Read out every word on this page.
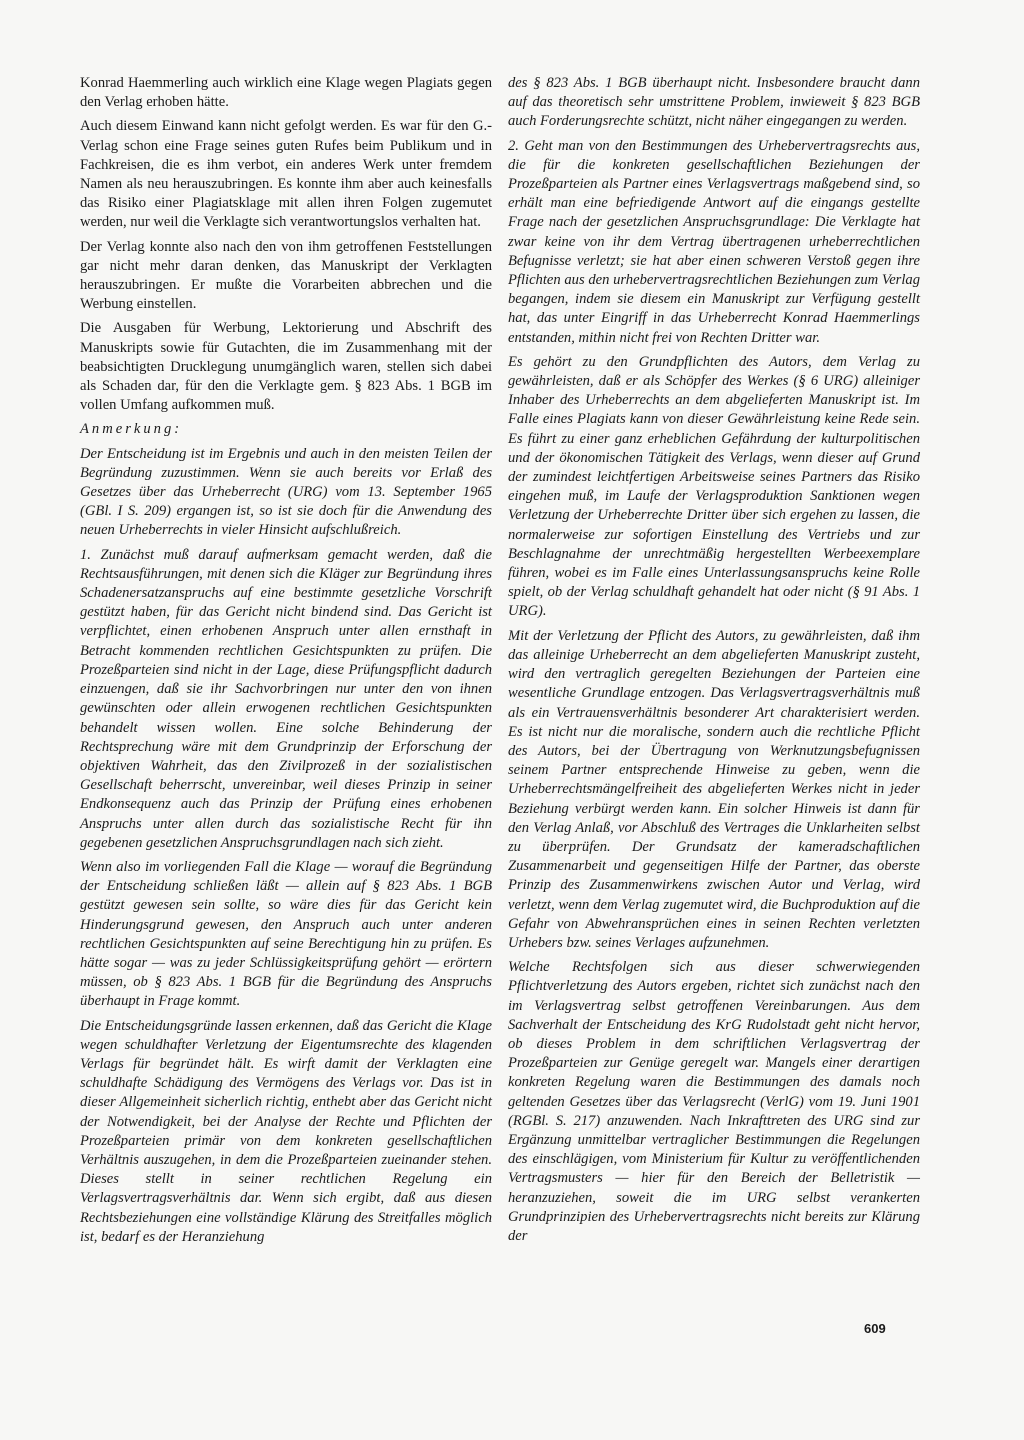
Konrad Haemmerling auch wirklich eine Klage wegen Plagiats gegen den Verlag erhoben hätte.

Auch diesem Einwand kann nicht gefolgt werden. Es war für den G.-Verlag schon eine Frage seines guten Rufes beim Publikum und in Fachkreisen, die es ihm verbot, ein anderes Werk unter fremdem Namen als neu herauszubringen. Es konnte ihm aber auch keinesfalls das Risiko einer Plagiatsklage mit allen ihren Folgen zugemutet werden, nur weil die Verklagte sich verantwortungslos verhalten hat.

Der Verlag konnte also nach den von ihm getroffenen Feststellungen gar nicht mehr daran denken, das Manuskript der Verklagten herauszubringen. Er mußte die Vorarbeiten abbrechen und die Werbung einstellen.

Die Ausgaben für Werbung, Lektorierung und Abschrift des Manuskripts sowie für Gutachten, die im Zusammenhang mit der beabsichtigten Drucklegung unumgänglich waren, stellen sich dabei als Schaden dar, für den die Verklagte gem. § 823 Abs. 1 BGB im vollen Umfang aufkommen muß.

Anmerkung:

Der Entscheidung ist im Ergebnis und auch in den meisten Teilen der Begründung zuzustimmen. Wenn sie auch bereits vor Erlaß des Gesetzes über das Urheberrecht (URG) vom 13. September 1965 (GBl. I S. 209) ergangen ist, so ist sie doch für die Anwendung des neuen Urheberrechts in vieler Hinsicht aufschlußreich.

1. Zunächst muß darauf aufmerksam gemacht werden, daß die Rechtsausführungen, mit denen sich die Kläger zur Begründung ihres Schadenersatzanspruchs auf eine bestimmte gesetzliche Vorschrift gestützt haben, für das Gericht nicht bindend sind. Das Gericht ist verpflichtet, einen erhobenen Anspruch unter allen ernsthaft in Betracht kommenden rechtlichen Gesichtspunkten zu prüfen. Die Prozeßparteien sind nicht in der Lage, diese Prüfungspflicht dadurch einzuengen, daß sie ihr Sachvorbringen nur unter den von ihnen gewünschten oder allein erwogenen rechtlichen Gesichtspunkten behandelt wissen wollen. Eine solche Behinderung der Rechtsprechung wäre mit dem Grundprinzip der Erforschung der objektiven Wahrheit, das den Zivilprozeß in der sozialistischen Gesellschaft beherrscht, unvereinbar, weil dieses Prinzip in seiner Endkonsequenz auch das Prinzip der Prüfung eines erhobenen Anspruchs unter allen durch das sozialistische Recht für ihn gegebenen gesetzlichen Anspruchsgrundlagen nach sich zieht.

Wenn also im vorliegenden Fall die Klage — worauf die Begründung der Entscheidung schließen läßt — allein auf § 823 Abs. 1 BGB gestützt gewesen sein sollte, so wäre dies für das Gericht kein Hinderungsgrund gewesen, den Anspruch auch unter anderen rechtlichen Gesichtspunkten auf seine Berechtigung hin zu prüfen. Es hätte sogar — was zu jeder Schlüssigkeitsprüfung gehört — erörtern müssen, ob § 823 Abs. 1 BGB für die Begründung des Anspruchs überhaupt in Frage kommt.

Die Entscheidungsgründe lassen erkennen, daß das Gericht die Klage wegen schuldhafter Verletzung der Eigentumsrechte des klagenden Verlags für begründet hält. Es wirft damit der Verklagten eine schuldhafte Schädigung des Vermögens des Verlags vor. Das ist in dieser Allgemeinheit sicherlich richtig, enthebt aber das Gericht nicht der Notwendigkeit, bei der Analyse der Rechte und Pflichten der Prozeßparteien primär von dem konkreten gesellschaftlichen Verhältnis auszugehen, in dem die Prozeßparteien zueinander stehen. Dieses stellt in seiner rechtlichen Regelung ein Verlagsvertragsverhältnis dar. Wenn sich ergibt, daß aus diesen Rechtsbeziehungen eine vollständige Klärung des Streitfalles möglich ist, bedarf es der Heranziehung

des § 823 Abs. 1 BGB überhaupt nicht. Insbesondere braucht dann auf das theoretisch sehr umstrittene Problem, inwieweit § 823 BGB auch Forderungsrechte schützt, nicht näher eingegangen zu werden.

2. Geht man von den Bestimmungen des Urhebervertragsrechts aus, die für die konkreten gesellschaftlichen Beziehungen der Prozeßparteien als Partner eines Verlagsvertrags maßgebend sind, so erhält man eine befriedigende Antwort auf die eingangs gestellte Frage nach der gesetzlichen Anspruchsgrundlage: Die Verklagte hat zwar keine von ihr dem Vertrag übertragenen urheberrechtlichen Befugnisse verletzt; sie hat aber einen schweren Verstoß gegen ihre Pflichten aus den urhebervertragsrechtlichen Beziehungen zum Verlag begangen, indem sie diesem ein Manuskript zur Verfügung gestellt hat, das unter Eingriff in das Urheberrecht Konrad Haemmerlings entstanden, mithin nicht frei von Rechten Dritter war.

Es gehört zu den Grundpflichten des Autors, dem Verlag zu gewährleisten, daß er als Schöpfer des Werkes (§ 6 URG) alleiniger Inhaber des Urheberrechts an dem abgelieferten Manuskript ist. Im Falle eines Plagiats kann von dieser Gewährleistung keine Rede sein. Es führt zu einer ganz erheblichen Gefährdung der kulturpolitischen und der ökonomischen Tätigkeit des Verlags, wenn dieser auf Grund der zumindest leichtfertigen Arbeitsweise seines Partners das Risiko eingehen muß, im Laufe der Verlagsproduktion Sanktionen wegen Verletzung der Urheberrechte Dritter über sich ergehen zu lassen, die normalerweise zur sofortigen Einstellung des Vertriebs und zur Beschlagnahme der unrechtmäßig hergestellten Werbeexemplare führen, wobei es im Falle eines Unterlassungsanspruchs keine Rolle spielt, ob der Verlag schuldhaft gehandelt hat oder nicht (§ 91 Abs. 1 URG).

Mit der Verletzung der Pflicht des Autors, zu gewährleisten, daß ihm das alleinige Urheberrecht an dem abgelieferten Manuskript zusteht, wird den vertraglich geregelten Beziehungen der Parteien eine wesentliche Grundlage entzogen. Das Verlagsvertragsverhältnis muß als ein Vertrauensverhältnis besonderer Art charakterisiert werden. Es ist nicht nur die moralische, sondern auch die rechtliche Pflicht des Autors, bei der Übertragung von Werknutzungsbefugnissen seinem Partner entsprechende Hinweise zu geben, wenn die Urheberrechtsmängelfreiheit des abgelieferten Werkes nicht in jeder Beziehung verbürgt werden kann. Ein solcher Hinweis ist dann für den Verlag Anlaß, vor Abschluß des Vertrages die Unklarheiten selbst zu überprüfen. Der Grundsatz der kameradschaftlichen Zusammenarbeit und gegenseitigen Hilfe der Partner, das oberste Prinzip des Zusammenwirkens zwischen Autor und Verlag, wird verletzt, wenn dem Verlag zugemutet wird, die Buchproduktion auf die Gefahr von Abwehransprüchen eines in seinen Rechten verletzten Urhebers bzw. seines Verlages aufzunehmen.

Welche Rechtsfolgen sich aus dieser schwerwiegenden Pflichtverletzung des Autors ergeben, richtet sich zunächst nach den im Verlagsvertrag selbst getroffenen Vereinbarungen. Aus dem Sachverhalt der Entscheidung des KrG Rudolstadt geht nicht hervor, ob dieses Problem in dem schriftlichen Verlagsvertrag der Prozeßparteien zur Genüge geregelt war. Mangels einer derartigen konkreten Regelung waren die Bestimmungen des damals noch geltenden Gesetzes über das Verlagsrecht (VerlG) vom 19. Juni 1901 (RGBl. S. 217) anzuwenden. Nach Inkrafttreten des URG sind zur Ergänzung unmittelbar vertraglicher Bestimmungen die Regelungen des einschlägigen, vom Ministerium für Kultur zu veröffentlichenden Vertragsmusters — hier für den Bereich der Belletristik — heranzuziehen, soweit die im URG selbst verankerten Grundprinzipien des Urhebervertragsrechts nicht bereits zur Klärung der

609
